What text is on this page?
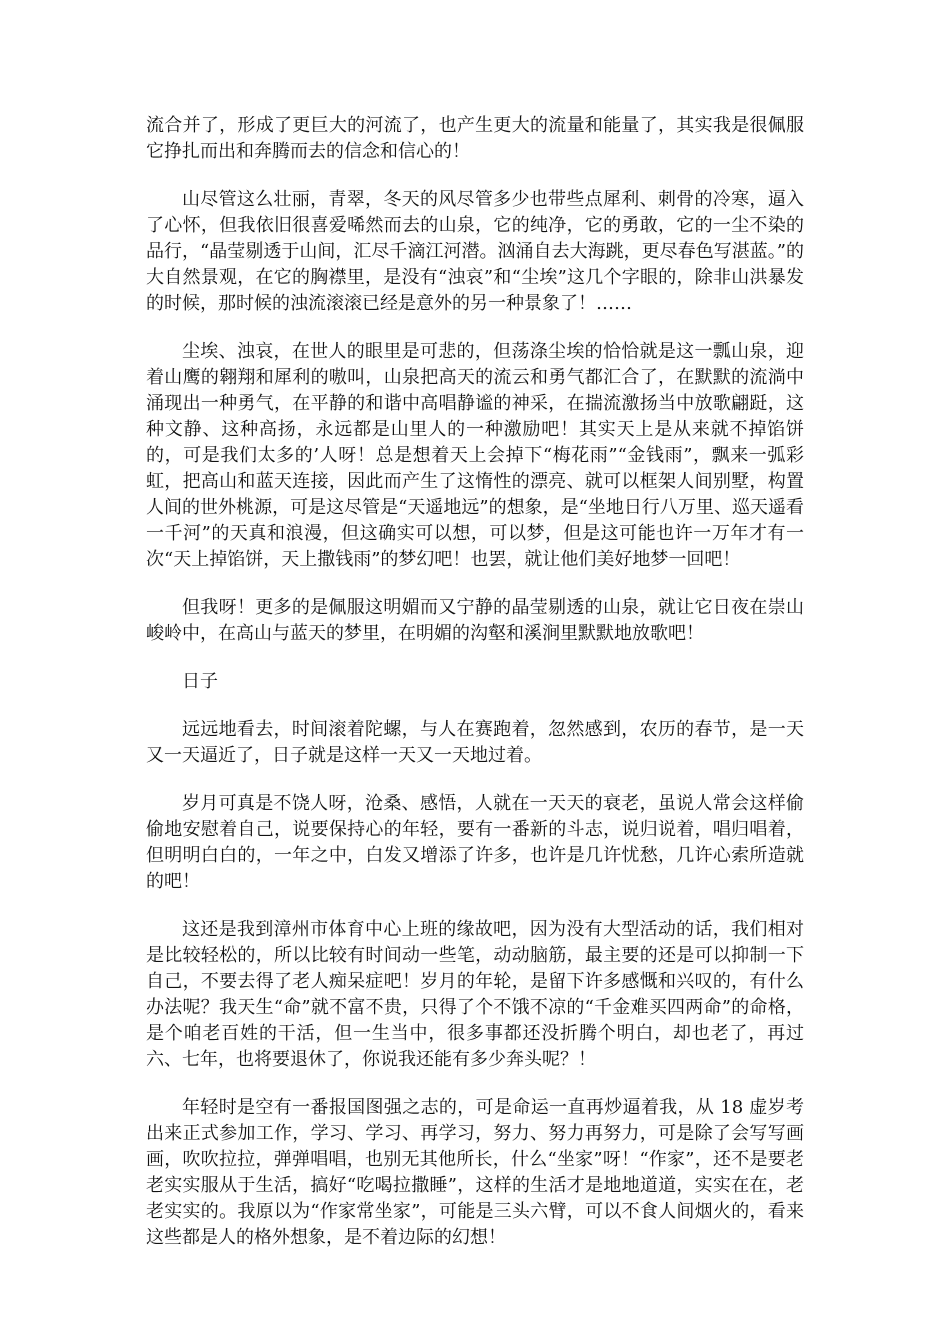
流合并了，形成了更巨大的河流了，也产生更大的流量和能量了，其实我是很佩服它挣扎而出和奔腾而去的信念和信心的！

山尽管这么壮丽，青翠，冬天的风尽管多少也带些点犀利、刺骨的冷寒，逼入了心怀，但我依旧很喜爱唏然而去的山泉，它的纯净，它的勇敢，它的一尘不染的品行，“晶莹剔透于山间，汇尽千滴江河潜。汹涌自去大海跳，更尽春色写湛蓝。”的大自然景观，在它的胸襟里，是没有“浊哀”和“尘埃”这几个字眼的，除非山洪暴发的时候，那时候的浊流滚滚已经是意外的另一种景象了！……

尘埃、浊哀，在世人的眼里是可悲的，但荡涤尘埃的恰恰就是这一瓢山泉，迎着山鹰的翱翔和犀利的嗷叫，山泉把高天的流云和勇气都汇合了，在默默的流淌中涌现出一种勇气，在平静的和谐中高唱静谧的神采，在揣流激扬当中放歌翩跹，这种文静、这种高扬，永远都是山里人的一种激励吧！其实天上是从来就不掉馅饼的，可是我们太多的’人呀！总是想着天上会掉下“梅花雨”“金钱雨”，飘来一弧彩虹，把高山和蓝天连接，因此而产生了这惰性的漂亮、就可以框架人间别墅，构置人间的世外桃源，可是这尽管是“天遥地远”的想象，是“坐地日行八万里、巡天遥看一千河”的天真和浪漫，但这确实可以想，可以梦，但是这可能也许一万年才有一次“天上掉馅饼，天上撒钱雨”的梦幻吧！也罢，就让他们美好地梦一回吧！

但我呀！更多的是佩服这明媚而又宁静的晶莹剔透的山泉，就让它日夜在崇山峻岭中，在高山与蓝天的梦里，在明媚的沟壑和溪涧里默默地放歌吧！

日子

远远地看去，时间滚着陀螺，与人在赛跑着，忽然感到，农历的春节，是一天又一天逼近了，日子就是这样一天又一天地过着。

岁月可真是不饶人呀，沧桑、感悟，人就在一天天的衰老，虽说人常会这样偷偷地安慰着自己，说要保持心的年轻，要有一番新的斗志，说归说着，唱归唱着，但明明白白的，一年之中，白发又增添了许多，也许是几许忧愁，几许心索所造就的吧！

这还是我到漳州市体育中心上班的缘故吧，因为没有大型活动的话，我们相对是比较轻松的，所以比较有时间动一些笔，动动脑筋，最主要的还是可以抑制一下自己，不要去得了老人痴呆症吧！岁月的年轮，是留下许多感慨和兴叹的，有什么办法呢？我天生“命”就不富不贵，只得了个不饿不凉的“千金难买四两命”的命格，是个咱老百姓的干活，但一生当中，很多事都还没折腾个明白，却也老了，再过六、七年，也将要退休了，你说我还能有多少奔头呢？！

年轻时是空有一番报国图强之志的，可是命运一直再炒逼着我，从 18 虚岁考出来正式参加工作，学习、学习、再学习，努力、努力再努力，可是除了会写写画画，吹吹拉拉，弹弹唱唱，也别无其他所长，什么“坐家”呀！“作家”，还不是要老老实实服从于生活，搞好“吃喝拉撒睡”，这样的生活才是地地道道，实实在在，老老实实的。我原以为“作家常坐家”，可能是三头六臂，可以不食人间烟火的，看来这些都是人的格外想象，是不着边际的幻想！
